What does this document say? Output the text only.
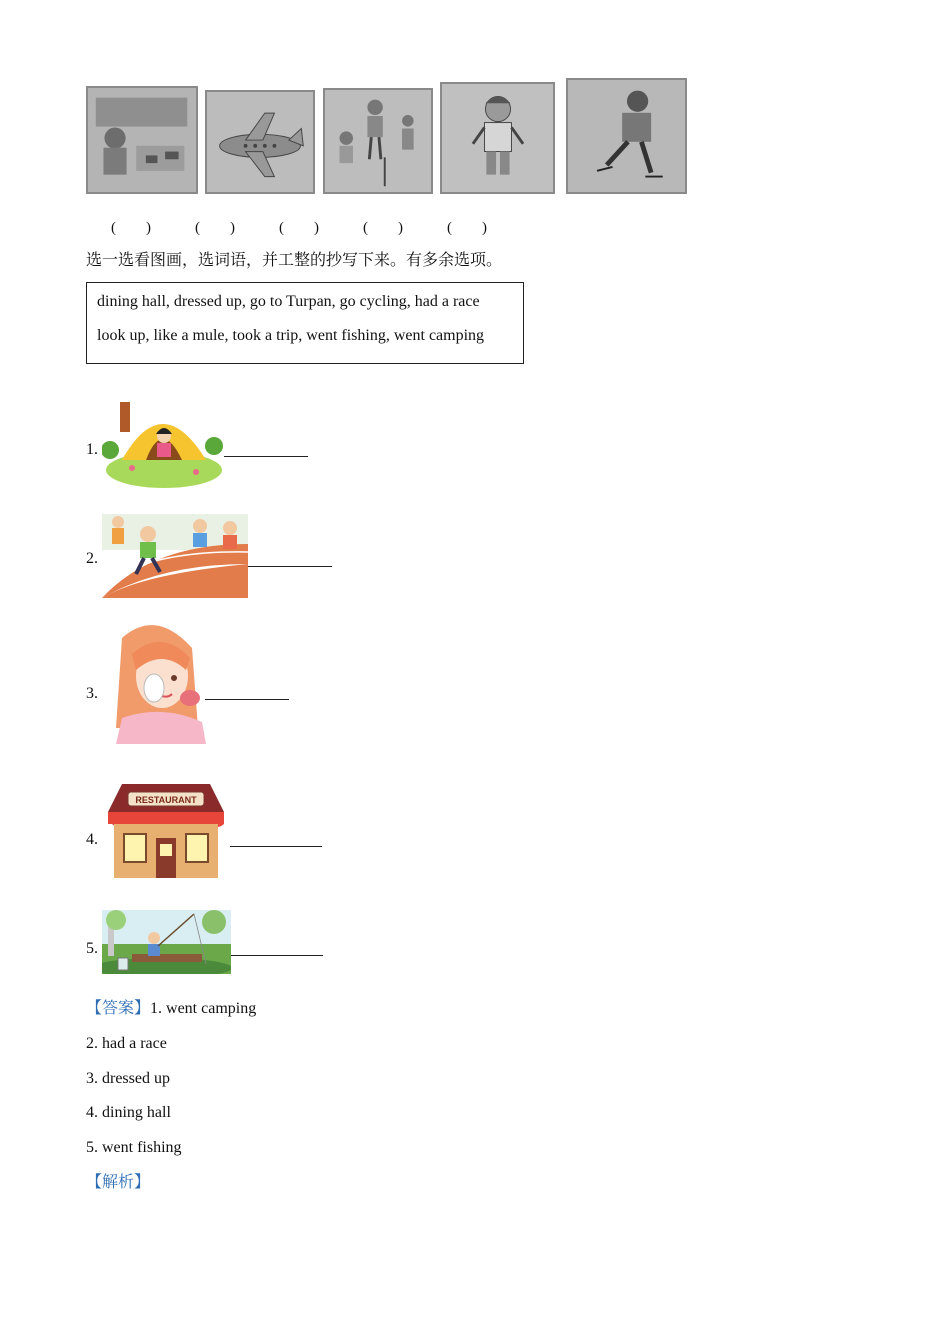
(　　)	(　　)	(　　)	(　　)	(　　)
选一选看图画，选词语，并工整的抄写下来。有多余选项。
dining hall, dressed up, go to Turpan, go cycling, had a race
look up, like a mule, took a trip, went fishing, went camping
1.
2.
3.
4.
RESTAURANT
5.
【答案】1. went camping
2. had a race
3. dressed up
4. dining hall
5. went fishing
【解析】
